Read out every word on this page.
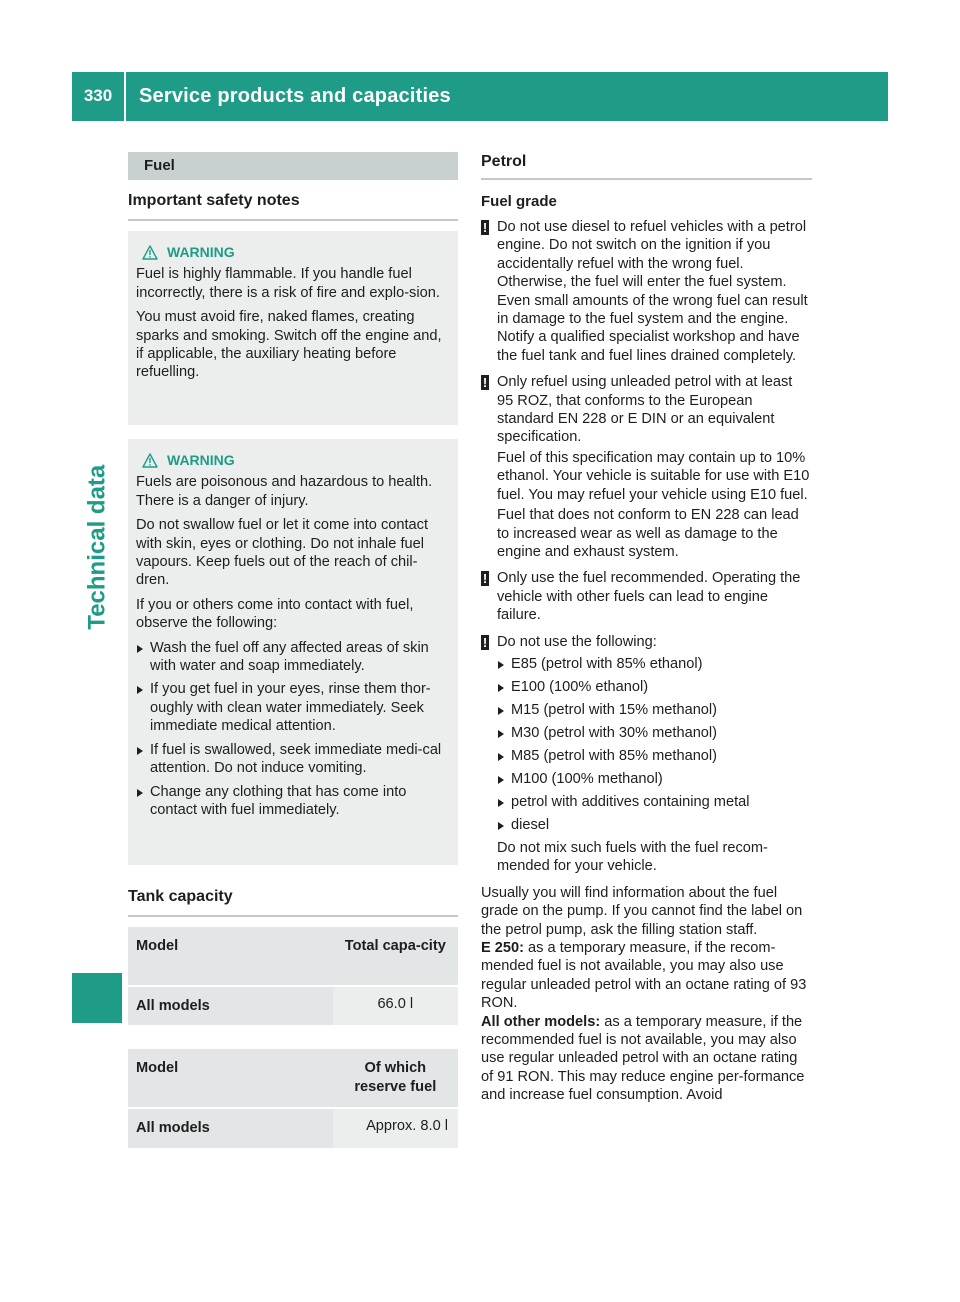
330	Service products and capacities
Technical data
Fuel
Important safety notes
WARNING

Fuel is highly flammable. If you handle fuel incorrectly, there is a risk of fire and explo-sion.

You must avoid fire, naked flames, creating sparks and smoking. Switch off the engine and, if applicable, the auxiliary heating before refuelling.

WARNING

Fuels are poisonous and hazardous to health. There is a danger of injury.

Do not swallow fuel or let it come into contact with skin, eyes or clothing. Do not inhale fuel vapours. Keep fuels out of the reach of chil-dren.

If you or others come into contact with fuel, observe the following:

Wash the fuel off any affected areas of skin with water and soap immediately.
If you get fuel in your eyes, rinse them thor-oughly with clean water immediately. Seek immediate medical attention.
If fuel is swallowed, seek immediate medi-cal attention. Do not induce vomiting.
Change any clothing that has come into contact with fuel immediately.
Tank capacity
Model	Total capa-city
All models	66.0 l
Model	Of which reserve fuel
All models	Approx. 8.0 l
Petrol
Fuel grade
! Do not use diesel to refuel vehicles with a petrol engine. Do not switch on the ignition if you accidentally refuel with the wrong fuel. Otherwise, the fuel will enter the fuel system. Even small amounts of the wrong fuel can result in damage to the fuel system and the engine. Notify a qualified specialist workshop and have the fuel tank and fuel lines drained completely.

! Only refuel using unleaded petrol with at least 95 ROZ, that conforms to the European standard EN 228 or E DIN or an equivalent specification.

Fuel of this specification may contain up to 10% ethanol. Your vehicle is suitable for use with E10 fuel. You may refuel your vehicle using E10 fuel.

Fuel that does not conform to EN 228 can lead to increased wear as well as damage to the engine and exhaust system.

! Only use the fuel recommended. Operating the vehicle with other fuels can lead to engine failure.

! Do not use the following:

E85 (petrol with 85% ethanol)
E100 (100% ethanol)
M15 (petrol with 15% methanol)
M30 (petrol with 30% methanol)
M85 (petrol with 85% methanol)
M100 (100% methanol)
petrol with additives containing metal
diesel

Do not mix such fuels with the fuel recom-mended for your vehicle.

Usually you will find information about the fuel grade on the pump. If you cannot find the label on the petrol pump, ask the filling station staff.

E 250: as a temporary measure, if the recom-mended fuel is not available, you may also use regular unleaded petrol with an octane rating of 93 RON.

All other models: as a temporary measure, if the recommended fuel is not available, you may also use regular unleaded petrol with an octane rating of 91 RON. This may reduce engine per-formance and increase fuel consumption. Avoid
